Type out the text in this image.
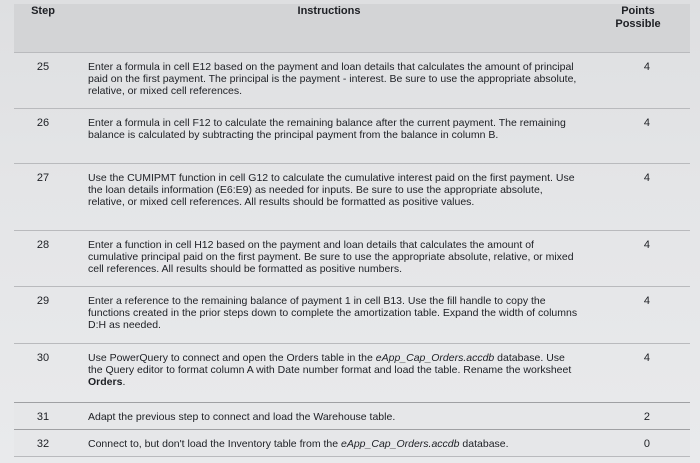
Step	Instructions	Points
Possible

25	Enter a formula in cell E12 based on the payment and loan details that calculates the amount of principal paid on the first payment. The principal is the payment - interest. Be sure to use the appropriate absolute, relative, or mixed cell references.	4
26	Enter a formula in cell F12 to calculate the remaining balance after the current payment. The remaining balance is calculated by subtracting the principal payment from the balance in column B.	4
27	Use the CUMIPMT function in cell G12 to calculate the cumulative interest paid on the first payment. Use the loan details information (E6:E9) as needed for inputs. Be sure to use the appropriate absolute, relative, or mixed cell references. All results should be formatted as positive values.	4
28	Enter a function in cell H12 based on the payment and loan details that calculates the amount of cumulative principal paid on the first payment. Be sure to use the appropriate absolute, relative, or mixed cell references. All results should be formatted as positive numbers.	4
29	Enter a reference to the remaining balance of payment 1 in cell B13. Use the fill handle to copy the functions created in the prior steps down to complete the amortization table. Expand the width of columns D:H as needed.	4
30	Use PowerQuery to connect and open the Orders table in the eApp_Cap_Orders.accdb database. Use the Query editor to format column A with Date number format and load the table. Rename the worksheet Orders.	4
31	Adapt the previous step to connect and load the Warehouse table.	2
32	Connect to, but don't load the Inventory table from the eApp_Cap_Orders.accdb database.	0
